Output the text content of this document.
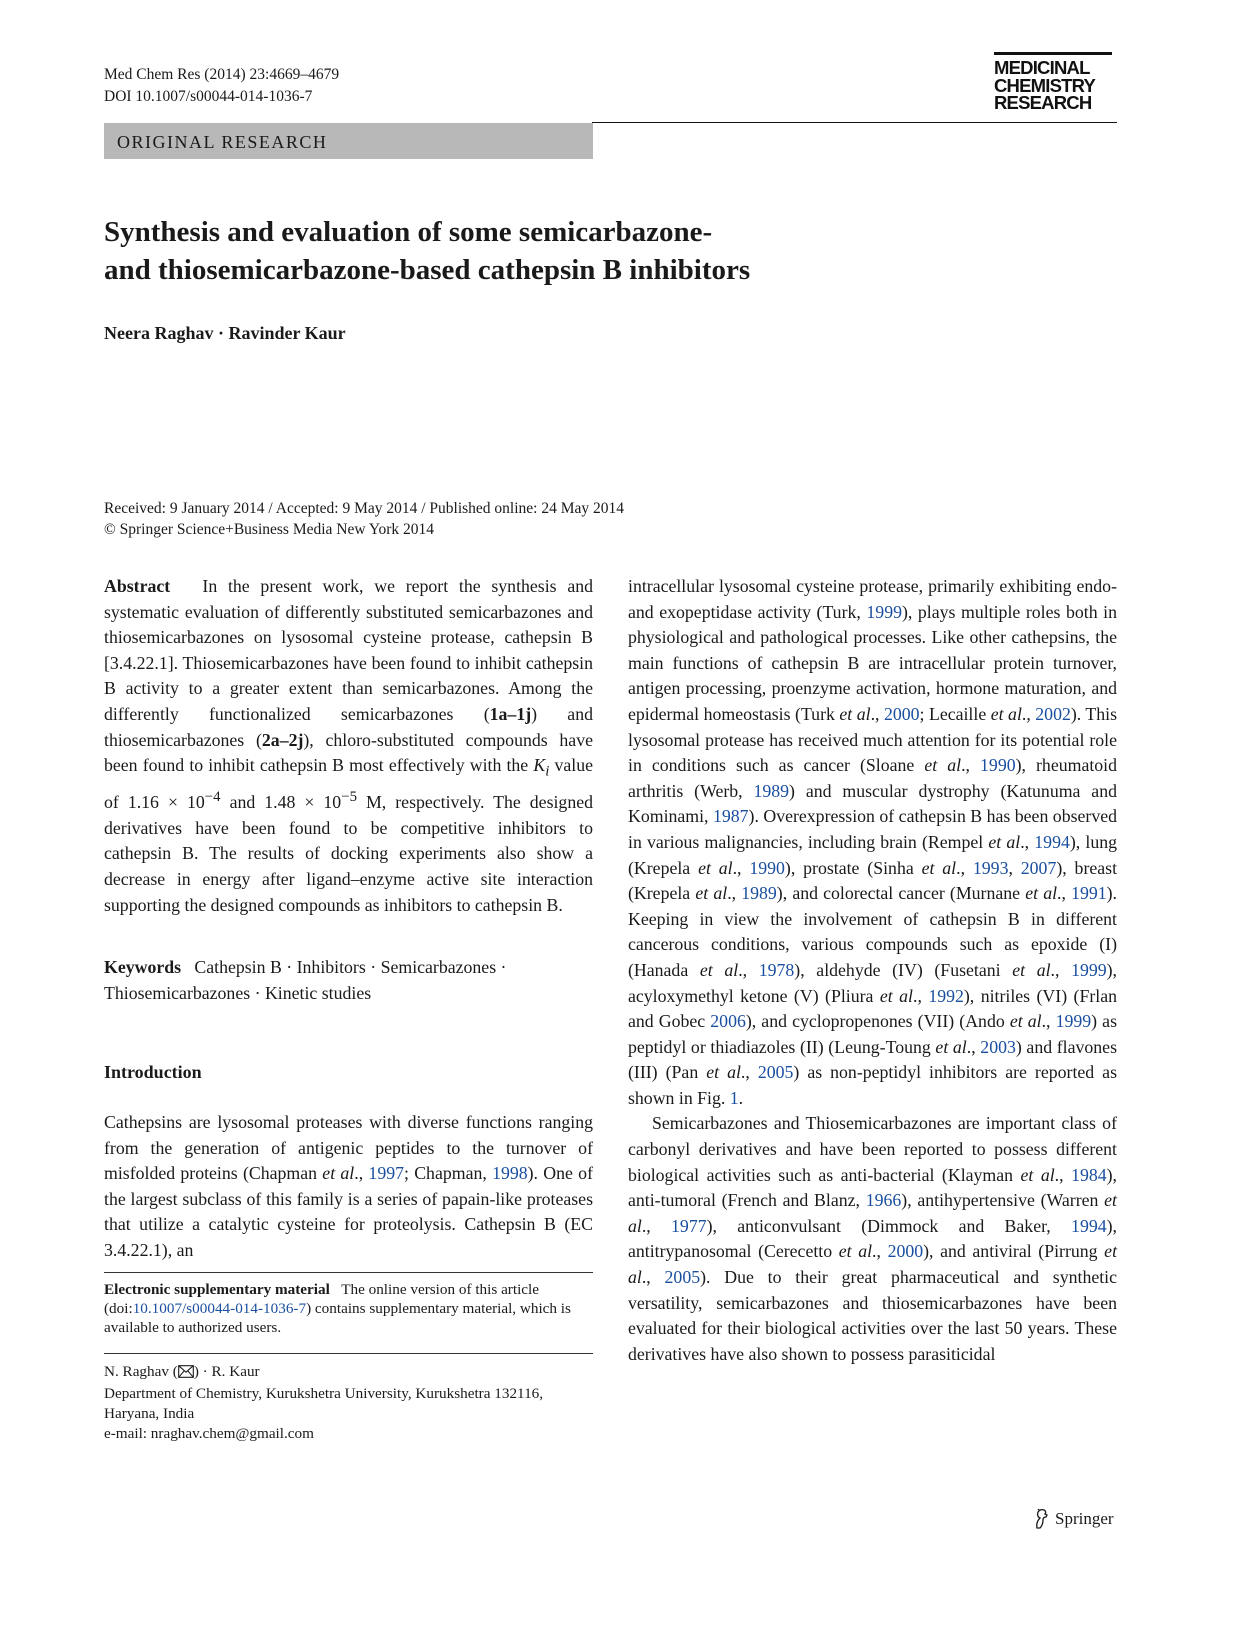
Med Chem Res (2014) 23:4669–4679
DOI 10.1007/s00044-014-1036-7
MEDICINAL
CHEMISTRY
RESEARCH
ORIGINAL RESEARCH
Synthesis and evaluation of some semicarbazone-
and thiosemicarbazone-based cathepsin B inhibitors
Neera Raghav · Ravinder Kaur
Received: 9 January 2014 / Accepted: 9 May 2014 / Published online: 24 May 2014
© Springer Science+Business Media New York 2014

Abstract In the present work, we report the synthesis and systematic evaluation of differently substituted semicarbazones and thiosemicarbazones on lysosomal cysteine protease, cathepsin B [3.4.22.1]. Thiosemicarbazones have been found to inhibit cathepsin B activity to a greater extent than semicarbazones. Among the differently functionalized semicarbazones (1a–1j) and thiosemicarbazones (2a–2j), chloro-substituted compounds have been found to inhibit cathepsin B most effectively with the $K_i$ value of $1.16 \times 10^{-4}$ and $1.48 \times 10^{-5}$ M, respectively. The designed derivatives have been found to be competitive inhibitors to cathepsin B. The results of docking experiments also show a decrease in energy after ligand–enzyme active site interaction supporting the designed compounds as inhibitors to cathepsin B.

Keywords Cathepsin B · Inhibitors · Semicarbazones · Thiosemicarbazones · Kinetic studies

Introduction

Cathepsins are lysosomal proteases with diverse functions ranging from the generation of antigenic peptides to the turnover of misfolded proteins (Chapman et al., 1997; Chapman, 1998). One of the largest subclass of this family is a series of papain-like proteases that utilize a catalytic cysteine for proteolysis. Cathepsin B (EC 3.4.22.1), an

Electronic supplementary material The online version of this article (doi:10.1007/s00044-014-1036-7) contains supplementary material, which is available to authorized users.
N. Raghav ( ) · R. Kaur
Department of Chemistry, Kurukshetra University, Kurukshetra 132116, Haryana, India
e-mail: nraghav.chem@gmail.com

intracellular lysosomal cysteine protease, primarily exhibiting endo- and exopeptidase activity (Turk, 1999), plays multiple roles both in physiological and pathological processes. Like other cathepsins, the main functions of cathepsin B are intracellular protein turnover, antigen processing, proenzyme activation, hormone maturation, and epidermal homeostasis (Turk et al., 2000; Lecaille et al., 2002). This lysosomal protease has received much attention for its potential role in conditions such as cancer (Sloane et al., 1990), rheumatoid arthritis (Werb, 1989) and muscular dystrophy (Katunuma and Kominami, 1987). Overexpression of cathepsin B has been observed in various malignancies, including brain (Rempel et al., 1994), lung (Krepela et al., 1990), prostate (Sinha et al., 1993, 2007), breast (Krepela et al., 1989), and colorectal cancer (Murnane et al., 1991). Keeping in view the involvement of cathepsin B in different cancerous conditions, various compounds such as epoxide (I) (Hanada et al., 1978), aldehyde (IV) (Fusetani et al., 1999), acyloxymethyl ketone (V) (Pliura et al., 1992), nitriles (VI) (Frlan and Gobec 2006), and cyclopropenones (VII) (Ando et al., 1999) as peptidyl or thiadiazoles (II) (Leung-Toung et al., 2003) and flavones (III) (Pan et al., 2005) as non-peptidyl inhibitors are reported as shown in Fig. 1.

Semicarbazones and Thiosemicarbazones are important class of carbonyl derivatives and have been reported to possess different biological activities such as anti-bacterial (Klayman et al., 1984), anti-tumoral (French and Blanz, 1966), antihypertensive (Warren et al., 1977), anticonvulsant (Dimmock and Baker, 1994), antitrypanosomal (Cerecetto et al., 2000), and antiviral (Pirrung et al., 2005). Due to their great pharmaceutical and synthetic versatility, semicarbazones and thiosemicarbazones have been evaluated for their biological activities over the last 50 years. These derivatives have also shown to possess parasiticidal

Springer
